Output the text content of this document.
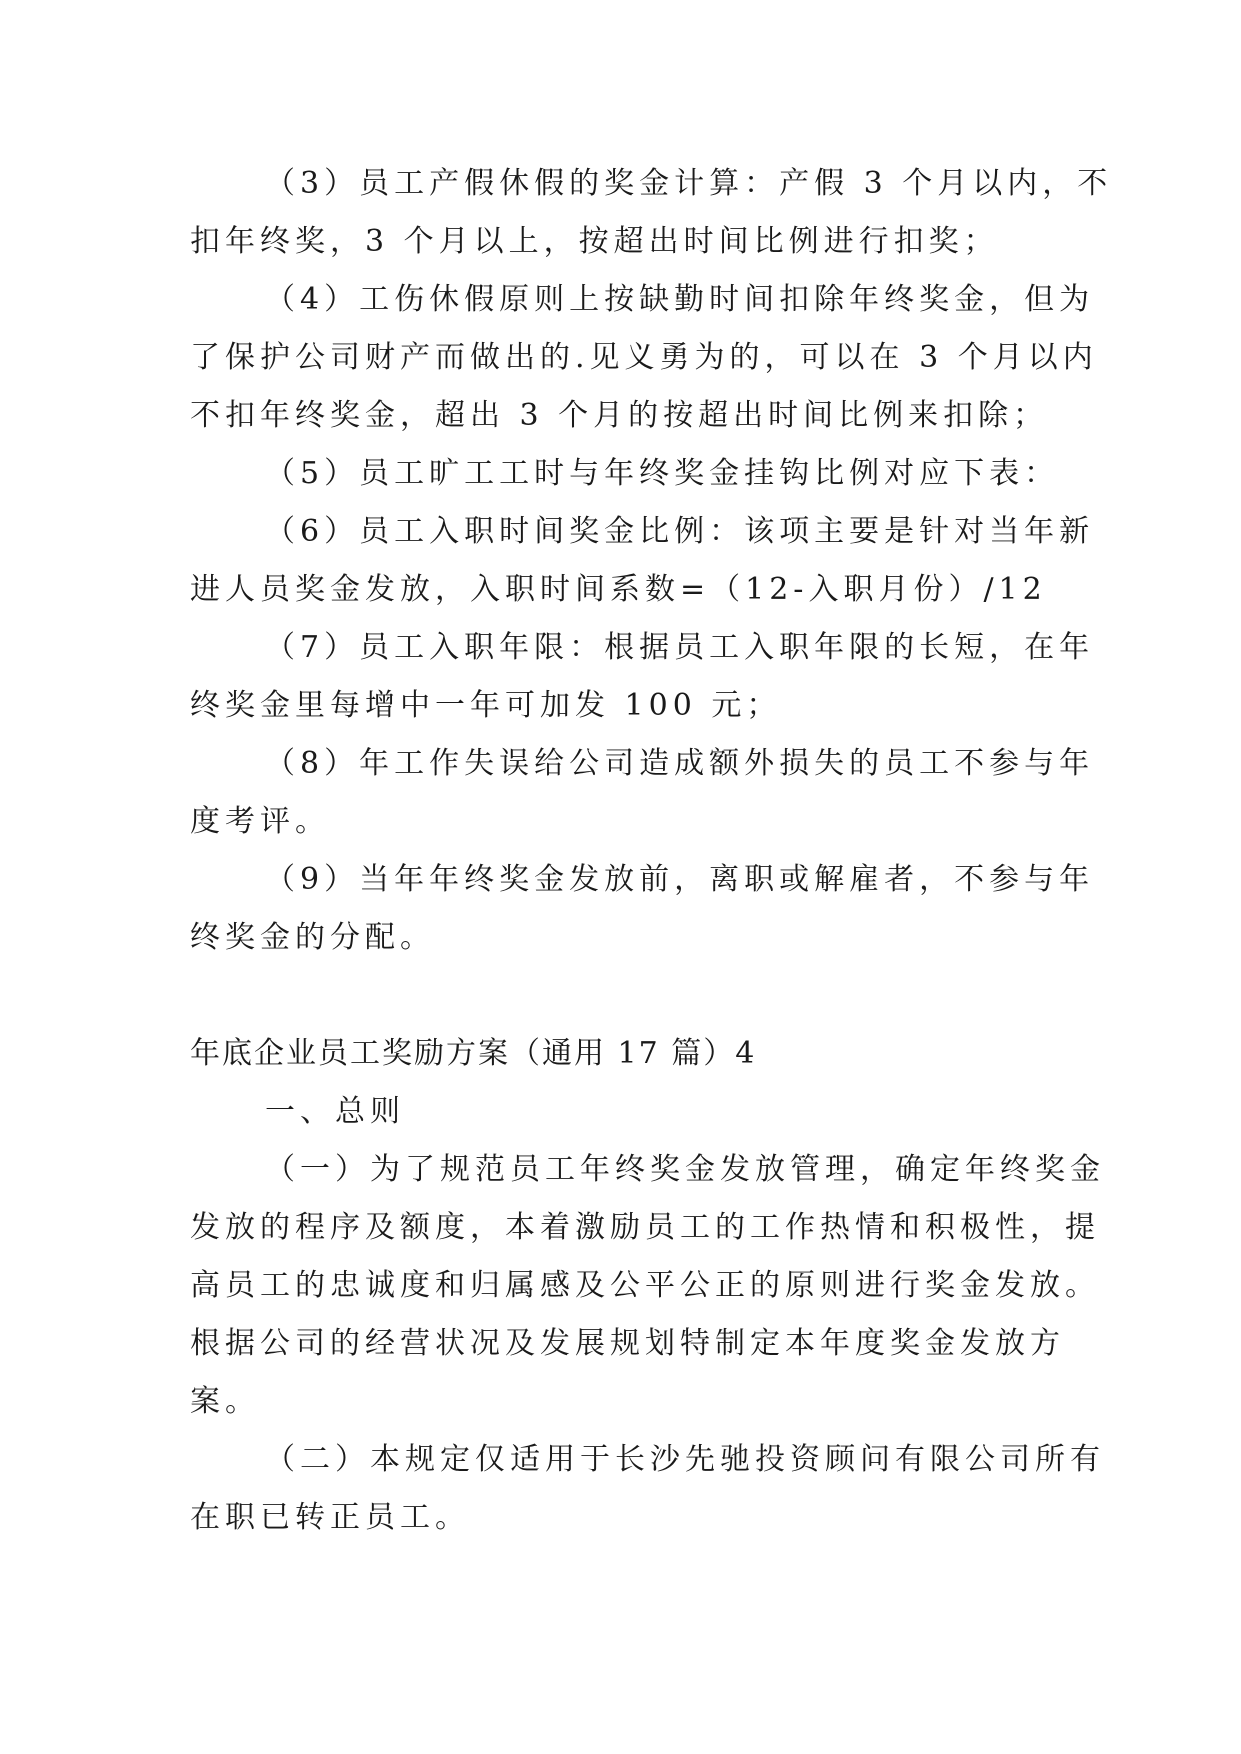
（3）员工产假休假的奖金计算：产假 3 个月以内，不
扣年终奖，3 个月以上，按超出时间比例进行扣奖；
（4）工伤休假原则上按缺勤时间扣除年终奖金，但为
了保护公司财产而做出的.见义勇为的，可以在 3 个月以内
不扣年终奖金，超出 3 个月的按超出时间比例来扣除；
（5）员工旷工工时与年终奖金挂钩比例对应下表：
（6）员工入职时间奖金比例：该项主要是针对当年新
进人员奖金发放，入职时间系数=（12-入职月份）/12
（7）员工入职年限：根据员工入职年限的长短，在年
终奖金里每增中一年可加发 100 元；
（8）年工作失误给公司造成额外损失的员工不参与年
度考评。
（9）当年年终奖金发放前，离职或解雇者，不参与年
终奖金的分配。
年底企业员工奖励方案（通用 17 篇）4
一、总则
（一）为了规范员工年终奖金发放管理，确定年终奖金
发放的程序及额度，本着激励员工的工作热情和积极性，提
高员工的忠诚度和归属感及公平公正的原则进行奖金发放。
根据公司的经营状况及发展规划特制定本年度奖金发放方
案。
（二）本规定仅适用于长沙先驰投资顾问有限公司所有
在职已转正员工。
